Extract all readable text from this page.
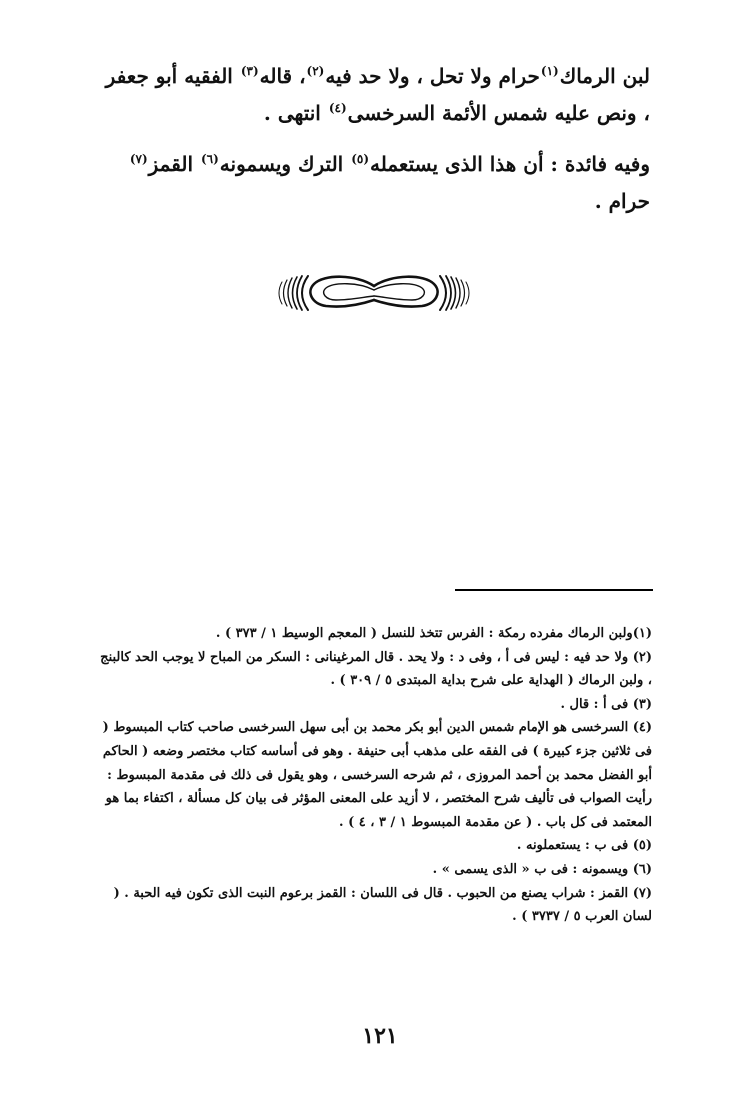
لبن الرماك$^{(١)}$حرام ولا تحل ، ولا حد فيه$^{(٢)}$، قاله$^{(٣)}$ الفقيه أبو جعفر ، ونص عليه شمس الأئمة السرخسى$^{(٤)}$ انتهى .

وفيه فائدة : أن هذا الذى يستعمله$^{(٥)}$ الترك ويسمونه$^{(٦)}$ القمز$^{(٧)}$ حرام .

(١)ولبن الرماك مفرده رمكة : الفرس تتخذ للنسل ( المعجم الوسيط ١ / ٣٧٣ ) .

(٢) ولا حد فيه : ليس فى أ ، وفى د : ولا يحد . قال المرغينانى : السكر من المباح لا يوجب الحد كالبنج ، ولبن الرماك ( الهداية على شرح بداية المبتدى ٥ / ٣٠٩ ) .

(٣) فى أ : قال .

(٤) السرخسى هو الإمام شمس الدين أبو بكر محمد بن أبى سهل السرخسى صاحب كتاب المبسوط ( فى ثلاثين جزء كبيرة ) فى الفقه على مذهب أبى حنيفة . وهو فى أساسه كتاب مختصر وضعه ( الحاكم أبو الفضل محمد بن أحمد المروزى ، ثم شرحه السرخسى ، وهو يقول فى ذلك فى مقدمة المبسوط : رأيت الصواب فى تأليف شرح المختصر ، لا أزيد على المعنى المؤثر فى بيان كل مسألة ، اكتفاء بما هو المعتمد فى كل باب . ( عن مقدمة المبسوط ١ / ٣ ، ٤ ) .

(٥) فى ب : يستعملونه .

(٦) ويسمونه : فى ب « الذى يسمى » .

(٧) القمز : شراب يصنع من الحبوب . قال فى اللسان : القمز برعوم النبت الذى تكون فيه الحبة . ( لسان العرب ٥ / ٣٧٣٧ ) .

١٢١
